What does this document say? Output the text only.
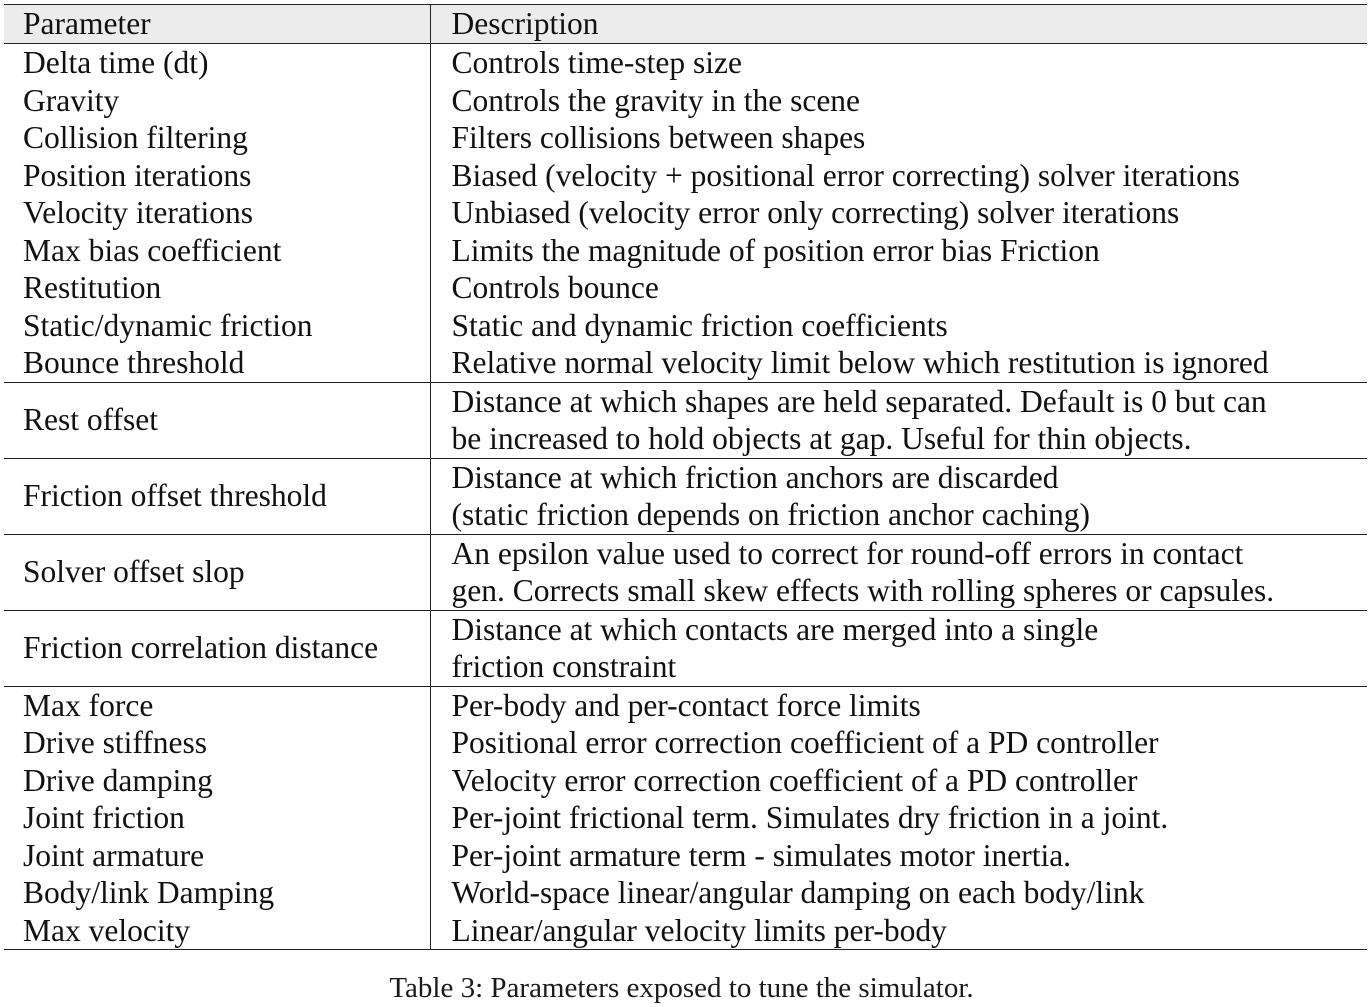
Parameter	Description
Delta time (dt)	Controls time-step size

Gravity	Controls the gravity in the scene

Collision filtering	Filters collisions between shapes

Position iterations	Biased (velocity + positional error correcting) solver iterations

Velocity iterations	Unbiased (velocity error only correcting) solver iterations

Max bias coefficient	Limits the magnitude of position error bias Friction

Restitution	Controls bounce

Static/dynamic friction	Static and dynamic friction coefficients

Bounce threshold	Relative normal velocity limit below which restitution is ignored

Rest offset	Distance at which shapes are held separated. Default is 0 but can
be increased to hold objects at gap. Useful for thin objects.

Friction offset threshold	Distance at which friction anchors are discarded
(static friction depends on friction anchor caching)

Solver offset slop	An epsilon value used to correct for round-off errors in contact
gen. Corrects small skew effects with rolling spheres or capsules.

Friction correlation distance	Distance at which contacts are merged into a single
friction constraint

Max force	Per-body and per-contact force limits

Drive stiffness	Positional error correction coefficient of a PD controller

Drive damping	Velocity error correction coefficient of a PD controller

Joint friction	Per-joint frictional term. Simulates dry friction in a joint.

Joint armature	Per-joint armature term - simulates motor inertia.

Body/link Damping	World-space linear/angular damping on each body/link

Max velocity	Linear/angular velocity limits per-body
Table 3: Parameters exposed to tune the simulator.
